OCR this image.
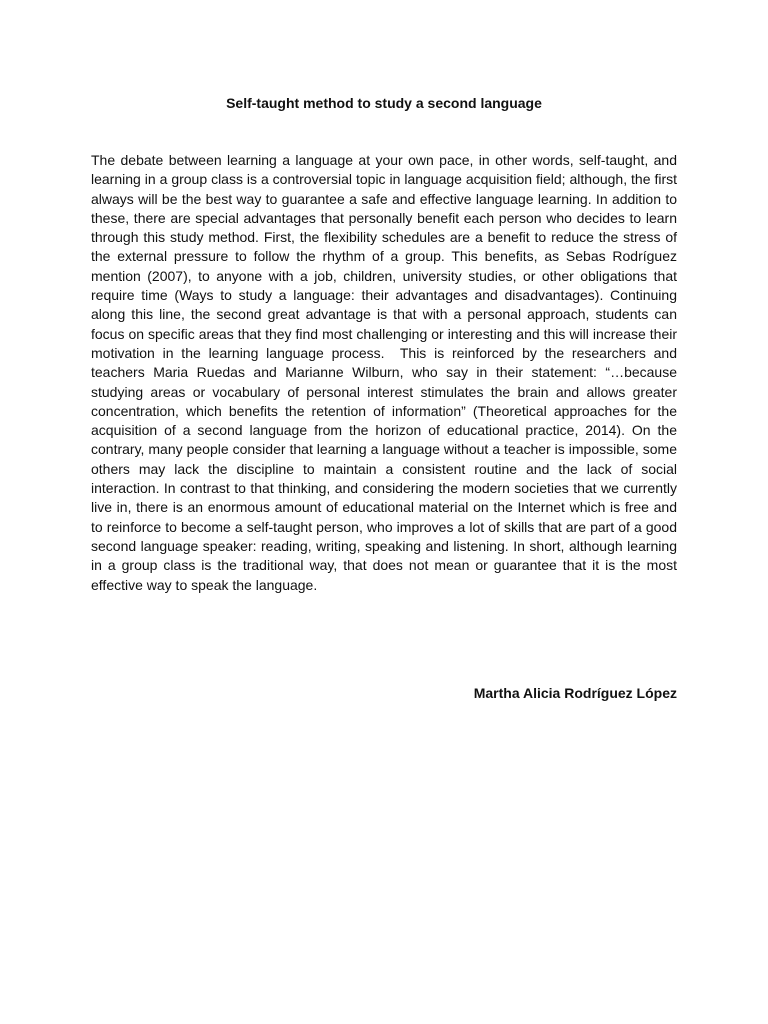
Self-taught method to study a second language

The debate between learning a language at your own pace, in other words, self-taught, and learning in a group class is a controversial topic in language acquisition field; although, the first always will be the best way to guarantee a safe and effective language learning. In addition to these, there are special advantages that personally benefit each person who decides to learn through this study method. First, the flexibility schedules are a benefit to reduce the stress of the external pressure to follow the rhythm of a group. This benefits, as Sebas Rodríguez mention (2007), to anyone with a job, children, university studies, or other obligations that require time (Ways to study a language: their advantages and disadvantages). Continuing along this line, the second great advantage is that with a personal approach, students can focus on specific areas that they find most challenging or interesting and this will increase their motivation in the learning language process.  This is reinforced by the researchers and teachers Maria Ruedas and Marianne Wilburn, who say in their statement: “…because studying areas or vocabulary of personal interest stimulates the brain and allows greater concentration, which benefits the retention of information” (Theoretical approaches for the acquisition of a second language from the horizon of educational practice, 2014). On the contrary, many people consider that learning a language without a teacher is impossible, some others may lack the discipline to maintain a consistent routine and the lack of social interaction. In contrast to that thinking, and considering the modern societies that we currently live in, there is an enormous amount of educational material on the Internet which is free and to reinforce to become a self-taught person, who improves a lot of skills that are part of a good second language speaker: reading, writing, speaking and listening. In short, although learning in a group class is the traditional way, that does not mean or guarantee that it is the most effective way to speak the language.

Martha Alicia Rodríguez López
